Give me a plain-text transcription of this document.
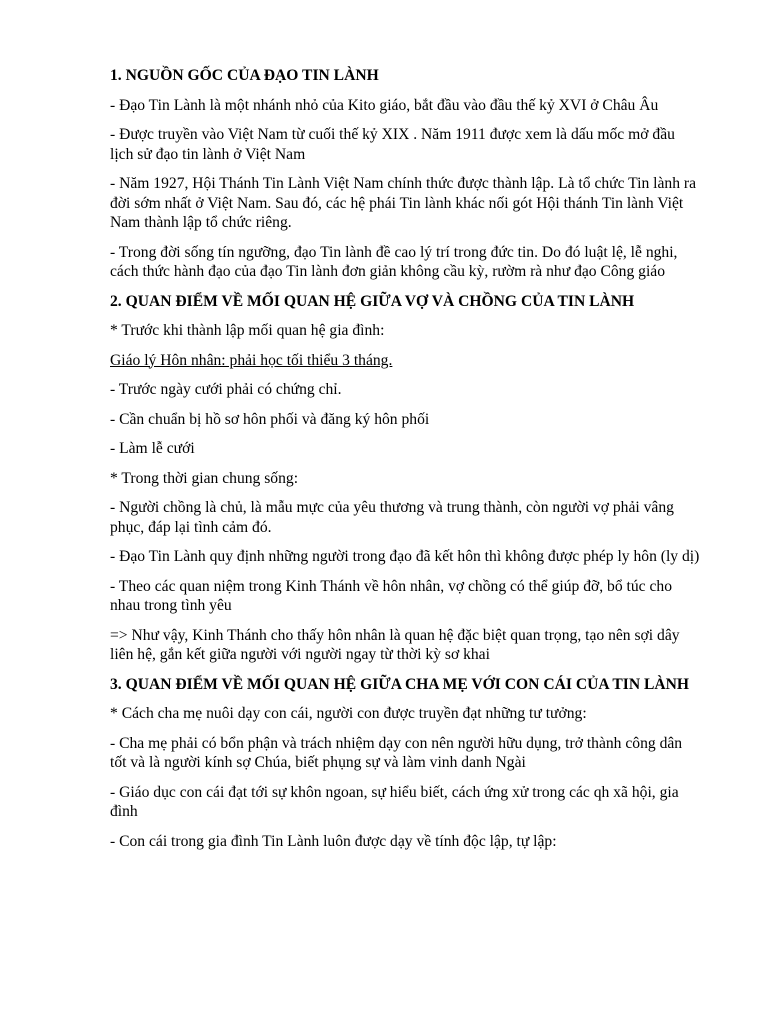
1. NGUỒN GỐC CỦA ĐẠO TIN LÀNH
- Đạo Tin Lành là một nhánh nhỏ của Kito giáo, bắt đầu vào đầu thế kỷ XVI ở Châu Âu
- Được truyền vào Việt Nam từ cuối thế kỷ XIX . Năm 1911 được xem là dấu mốc mở đầu lịch sử đạo tin lành ở Việt Nam
- Năm 1927, Hội Thánh Tin Lành Việt Nam chính thức được thành lập. Là tổ chức Tin lành ra đời sớm nhất ở Việt Nam. Sau đó, các hệ phái Tin lành khác nối gót Hội thánh Tin lành Việt Nam thành lập tổ chức riêng.
- Trong đời sống tín ngưỡng, đạo Tin lành đề cao lý trí trong đức tin. Do đó luật lệ, lễ nghi, cách thức hành đạo của đạo Tin lành đơn giản không cầu kỳ, rườm rà như đạo Công giáo
2. QUAN ĐIỂM VỀ MỐI QUAN HỆ GIỮA VỢ VÀ CHỒNG CỦA TIN LÀNH
* Trước khi thành lập mối quan hệ gia đình:
Giáo lý Hôn nhân: phải học tối thiểu 3 tháng.
- Trước ngày cưới phải có chứng chỉ.
- Cần chuẩn bị hồ sơ hôn phối và đăng ký hôn phối
- Làm lễ cưới
* Trong thời gian chung sống:
- Người chồng là chủ, là mẫu mực của yêu thương và trung thành, còn người vợ phải vâng phục, đáp lại tình cảm đó.
- Đạo Tin Lành quy định những người trong đạo đã kết hôn thì không được phép ly hôn (ly dị)
- Theo các quan niệm trong Kinh Thánh về hôn nhân, vợ chồng có thể giúp đỡ, bổ túc cho nhau trong tình yêu
=> Như vậy, Kinh Thánh cho thấy hôn nhân là quan hệ đặc biệt quan trọng, tạo nên sợi dây liên hệ, gắn kết giữa người với người ngay từ thời kỳ sơ khai
3. QUAN ĐIỂM VỀ MỐI QUAN HỆ GIỮA CHA MẸ VỚI CON CÁI CỦA TIN LÀNH
* Cách cha mẹ nuôi dạy con cái, người con được truyền đạt những tư tưởng:
- Cha mẹ phải có bổn phận và trách nhiệm dạy con nên người hữu dụng, trở thành công dân tốt và là người kính sợ Chúa, biết phụng sự và làm vinh danh Ngài
- Giáo dục con cái đạt tới sự khôn ngoan, sự hiểu biết, cách ứng xử trong các qh xã hội, gia đình
- Con cái trong gia đình Tin Lành luôn được dạy về tính độc lập, tự lập:
